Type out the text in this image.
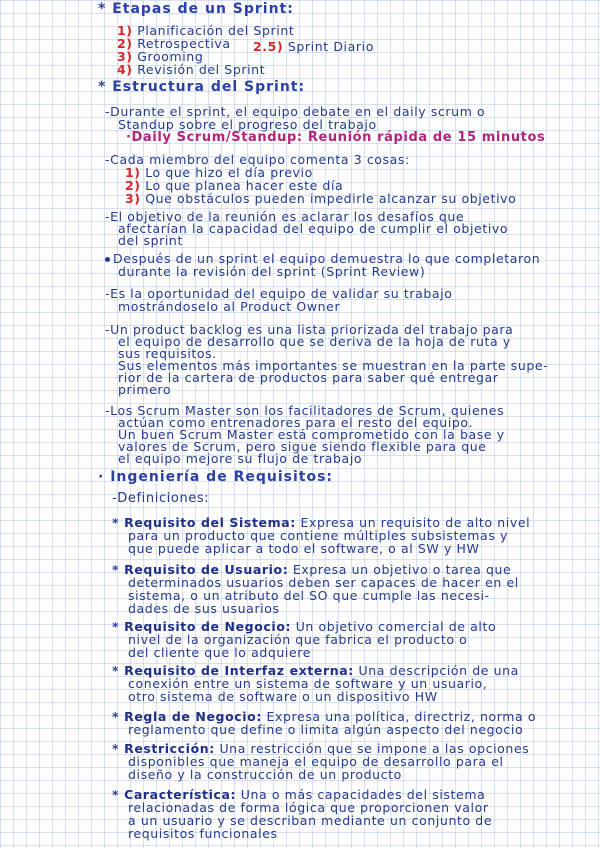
* Etapas de un Sprint:
1) Planificación del Sprint
2) Retrospectiva 2.5) Sprint Diario
3) Grooming
4) Revisión del Sprint
* Estructura del Sprint:
-Durante el sprint, el equipo debate en el daily scrum o
Standup sobre el progreso del trabajo
·Daily Scrum/Standup: Reunión rápida de 15 minutos
-Cada miembro del equipo comenta 3 cosas:
1) Lo que hizo el día previo
2) Lo que planea hacer este día
3) Que obstáculos pueden impedirle alcanzar su objetivo
-El objetivo de la reunión es aclarar los desafíos que
afectarían la capacidad del equipo de cumplir el objetivo
del sprint
Después de un sprint el equipo demuestra lo que completaron
durante la revisión del sprint (Sprint Review)
-Es la oportunidad del equipo de validar su trabajo
mostrándoselo al Product Owner
-Un product backlog es una lista priorizada del trabajo para
el equipo de desarrollo que se deriva de la hoja de ruta y
sus requisitos.
Sus elementos más importantes se muestran en la parte supe-
rior de la cartera de productos para saber qué entregar
primero
-Los Scrum Master son los facilitadores de Scrum, quienes
actúan como entrenadores para el resto del equipo.
Un buen Scrum Master está comprometido con la base y
valores de Scrum, pero sigue siendo flexible para que
el equipo mejore su flujo de trabajo
· Ingeniería de Requisitos:
-Definiciones:
* Requisito del Sistema: Expresa un requisito de alto nivel
para un producto que contiene múltiples subsistemas y
que puede aplicar a todo el software, o al SW y HW
* Requisito de Usuario: Expresa un objetivo o tarea que
determinados usuarios deben ser capaces de hacer en el
sistema, o un atributo del SO que cumple las necesi-
dades de sus usuarios
* Requisito de Negocio: Un objetivo comercial de alto
nivel de la organización que fabrica el producto o
del cliente que lo adquiere
* Requisito de Interfaz externa: Una descripción de una
conexión entre un sistema de software y un usuario,
otro sistema de software o un dispositivo HW
* Regla de Negocio: Expresa una política, directriz, norma o
reglamento que define o limita algún aspecto del negocio
* Restricción: Una restricción que se impone a las opciones
disponibles que maneja el equipo de desarrollo para el
diseño y la construcción de un producto
* Característica: Una o más capacidades del sistema
relacionadas de forma lógica que proporcionen valor
a un usuario y se describan mediante un conjunto de
requisitos funcionales
